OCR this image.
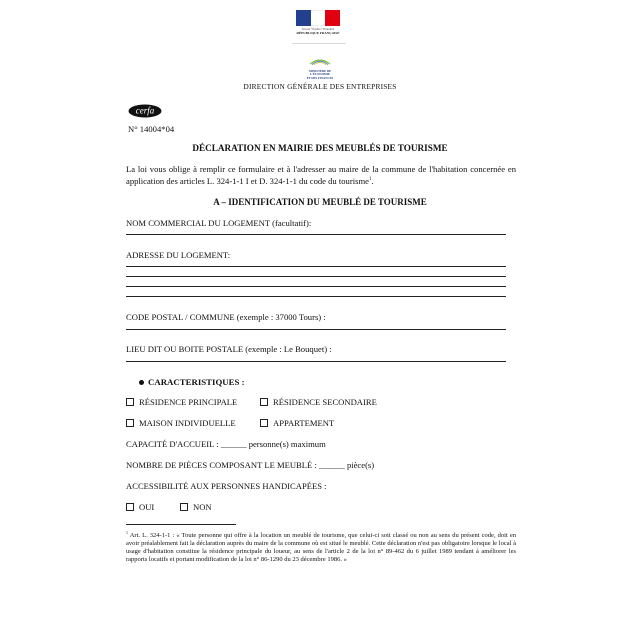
Liberté • Égalité • Fraternité
RÉPUBLIQUE FRANÇAISE
MINISTÈRE DE L'ÉCONOMIE
ET DES FINANCES
DIRECTION GÉNÉRALE DES ENTREPRISES
cerfa
N° 14004*04
DÉCLARATION EN MAIRIE DES MEUBLÉS DE TOURISME
La loi vous oblige à remplir ce formulaire et à l'adresser au maire de la commune de l'habitation concernée en application des articles L. 324-1-1 I et D. 324-1-1 du code du tourisme$^1$.
A – IDENTIFICATION DU MEUBLÉ DE TOURISME
NOM COMMERCIAL DU LOGEMENT (facultatif):
ADRESSE DU LOGEMENT:
CODE POSTAL / COMMUNE (exemple : 37000 Tours) :
LIEU DIT OU BOITE POSTALE (exemple : Le Bouquet) :
CARACTERISTIQUES :
RÉSIDENCE PRINCIPALE	RÉSIDENCE SECONDAIRE
MAISON INDIVIDUELLE	APPARTEMENT
CAPACITÉ D'ACCUEIL : ______ personne(s) maximum
NOMBRE DE PIÈCES COMPOSANT LE MEUBLÉ : ______ pièce(s)
ACCESSIBILITÉ AUX PERSONNES HANDICAPÉES :
OUI	NON
$^1$ Art. L. 324-1-1 : « Toute personne qui offre à la location un meublé de tourisme, que celui-ci soit classé ou non au sens du présent code, doit en avoir préalablement fait la déclaration auprès du maire de la commune où est situé le meublé. Cette déclaration n'est pas obligatoire lorsque le local à usage d'habitation constitue la résidence principale du loueur, au sens de l'article 2 de la loi n° 89-462 du 6 juillet 1989 tendant à améliorer les rapports locatifs et portant modification de la loi n° 86-1290 du 23 décembre 1986. »
